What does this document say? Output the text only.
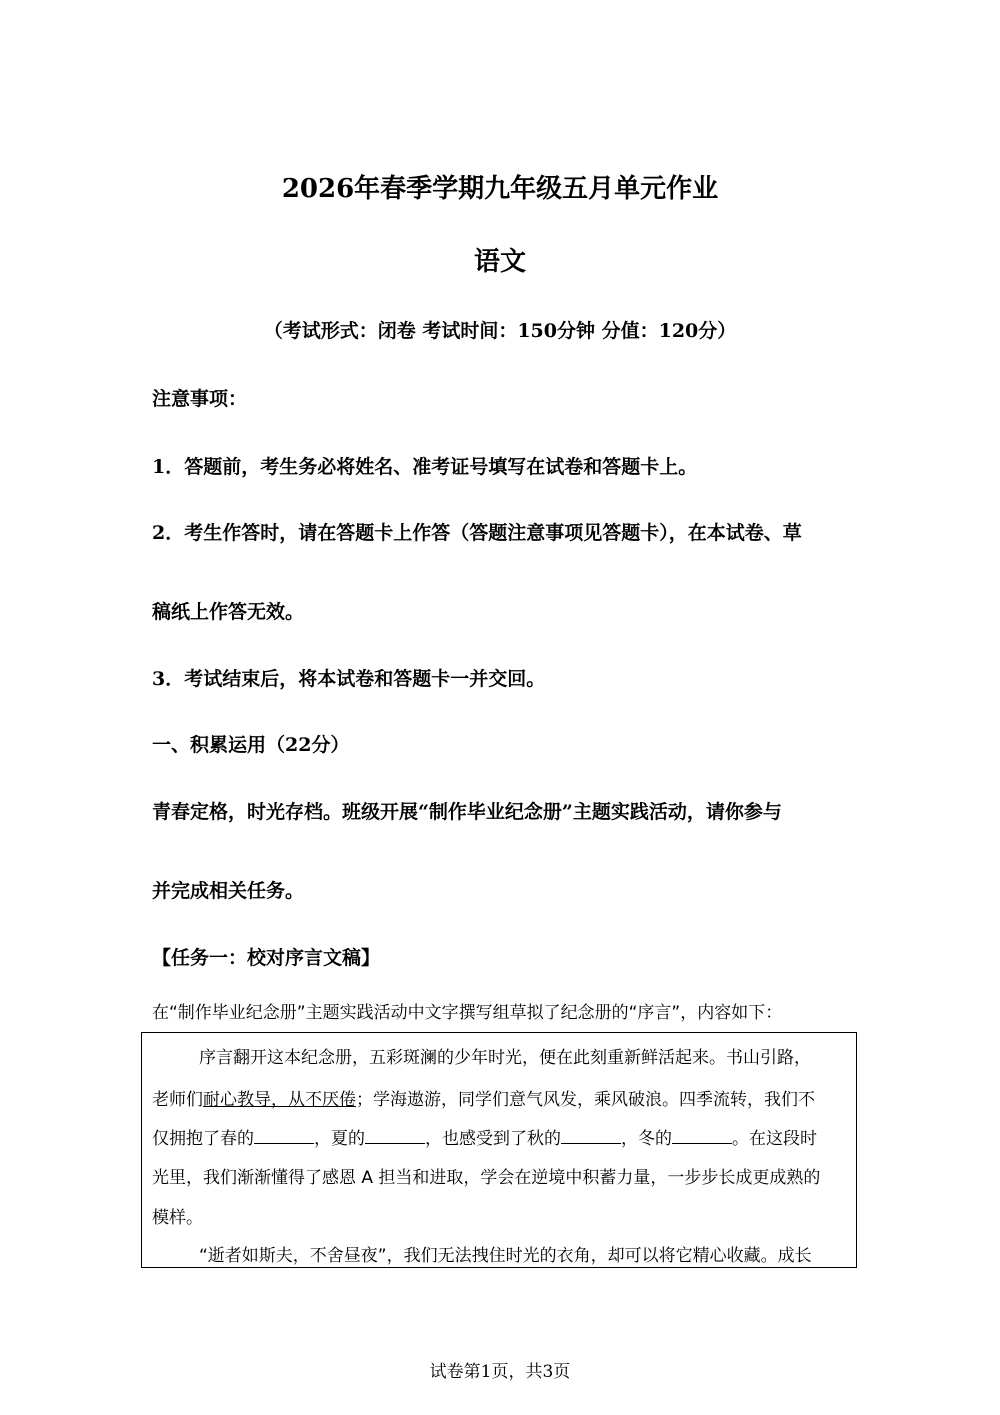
2026年春季学期九年级五月单元作业
语文
（考试形式：闭卷 考试时间：150分钟 分值：120分）
注意事项：
1．答题前，考生务必将姓名、准考证号填写在试卷和答题卡上。
2．考生作答时，请在答题卡上作答（答题注意事项见答题卡），在本试卷、草
稿纸上作答无效。
3．考试结束后，将本试卷和答题卡一并交回。
一、积累运用（22分）
青春定格，时光存档。班级开展“制作毕业纪念册”主题实践活动，请你参与
并完成相关任务。
【任务一：校对序言文稿】
在“制作毕业纪念册”主题实践活动中文字撰写组草拟了纪念册的“序言”，内容如下：
序言翻开这本纪念册，五彩斑澜的少年时光，便在此刻重新鲜活起来。书山引路，
老师们耐心教导，从不厌倦；学海遨游，同学们意气风发，乘风破浪。四季流转，我们不
仅拥抱了春的	，夏的	，也感受到了秋的	，冬的	。在这段时
光里，我们渐渐懂得了感恩 A 担当和进取，学会在逆境中积蓄力量，一步步长成更成熟的
模样。
“逝者如斯夫，不舍昼夜”，我们无法拽住时光的衣角，却可以将它精心收藏。成长
试卷第1页，共3页
